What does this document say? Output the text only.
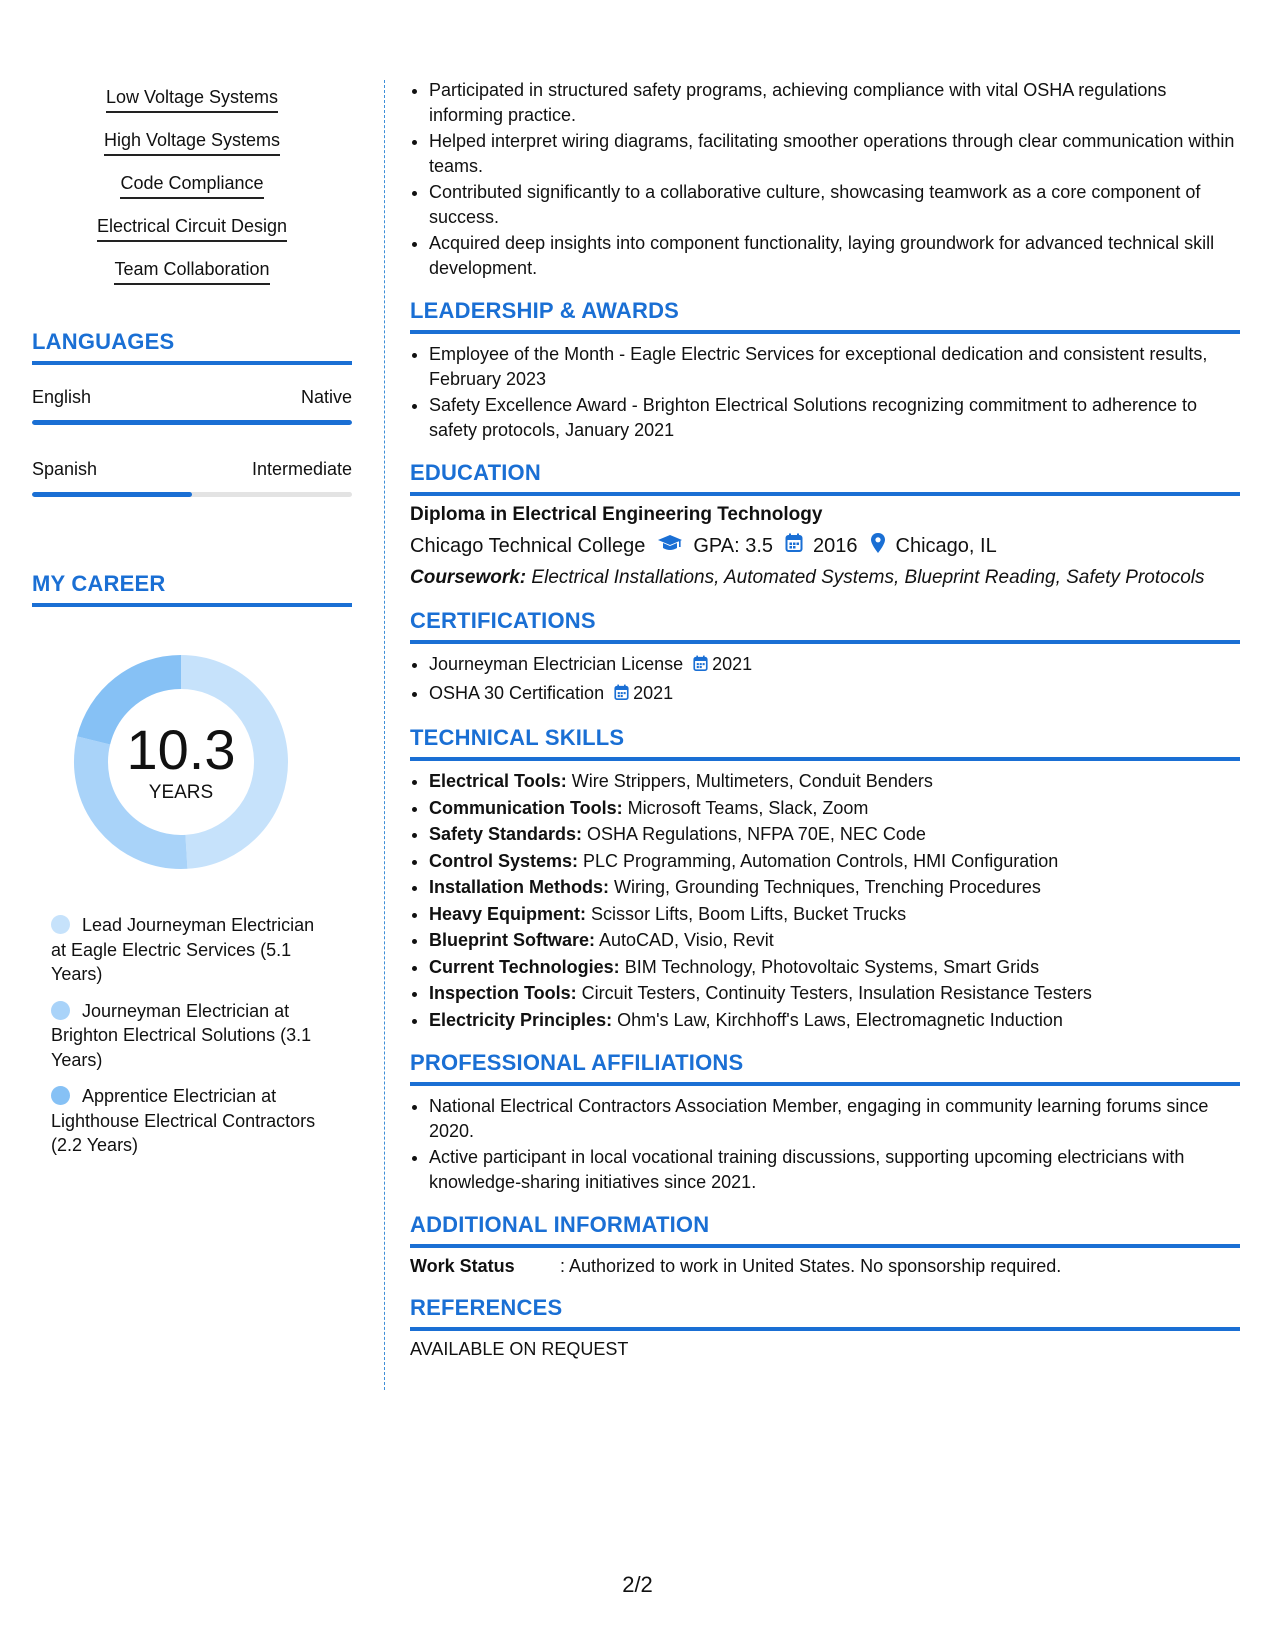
Low Voltage Systems
High Voltage Systems
Code Compliance
Electrical Circuit Design
Team Collaboration
LANGUAGES
English	Native
Spanish	Intermediate
MY CAREER
10.3
YEARS
Lead Journeyman Electrician at Eagle Electric Services (5.1 Years)
Journeyman Electrician at Brighton Electrical Solutions (3.1 Years)
Apprentice Electrician at Lighthouse Electrical Contractors (2.2 Years)
• Participated in structured safety programs, achieving compliance with vital OSHA regulations informing practice.
• Helped interpret wiring diagrams, facilitating smoother operations through clear communication within teams.
• Contributed significantly to a collaborative culture, showcasing teamwork as a core component of success.
• Acquired deep insights into component functionality, laying groundwork for advanced technical skill development.
LEADERSHIP & AWARDS
• Employee of the Month - Eagle Electric Services for exceptional dedication and consistent results, February 2023
• Safety Excellence Award - Brighton Electrical Solutions recognizing commitment to adherence to safety protocols, January 2021
EDUCATION
Diploma in Electrical Engineering Technology
Chicago Technical College GPA: 3.5 2016 Chicago, IL
Coursework: Electrical Installations, Automated Systems, Blueprint Reading, Safety Protocols
CERTIFICATIONS
• Journeyman Electrician License 2021
• OSHA 30 Certification 2021
TECHNICAL SKILLS
• Electrical Tools: Wire Strippers, Multimeters, Conduit Benders
• Communication Tools: Microsoft Teams, Slack, Zoom
• Safety Standards: OSHA Regulations, NFPA 70E, NEC Code
• Control Systems: PLC Programming, Automation Controls, HMI Configuration
• Installation Methods: Wiring, Grounding Techniques, Trenching Procedures
• Heavy Equipment: Scissor Lifts, Boom Lifts, Bucket Trucks
• Blueprint Software: AutoCAD, Visio, Revit
• Current Technologies: BIM Technology, Photovoltaic Systems, Smart Grids
• Inspection Tools: Circuit Testers, Continuity Testers, Insulation Resistance Testers
• Electricity Principles: Ohm's Law, Kirchhoff's Laws, Electromagnetic Induction
PROFESSIONAL AFFILIATIONS
• National Electrical Contractors Association Member, engaging in community learning forums since 2020.
• Active participant in local vocational training discussions, supporting upcoming electricians with knowledge-sharing initiatives since 2021.
ADDITIONAL INFORMATION
Work Status	: Authorized to work in United States. No sponsorship required.
REFERENCES
AVAILABLE ON REQUEST
2/2
